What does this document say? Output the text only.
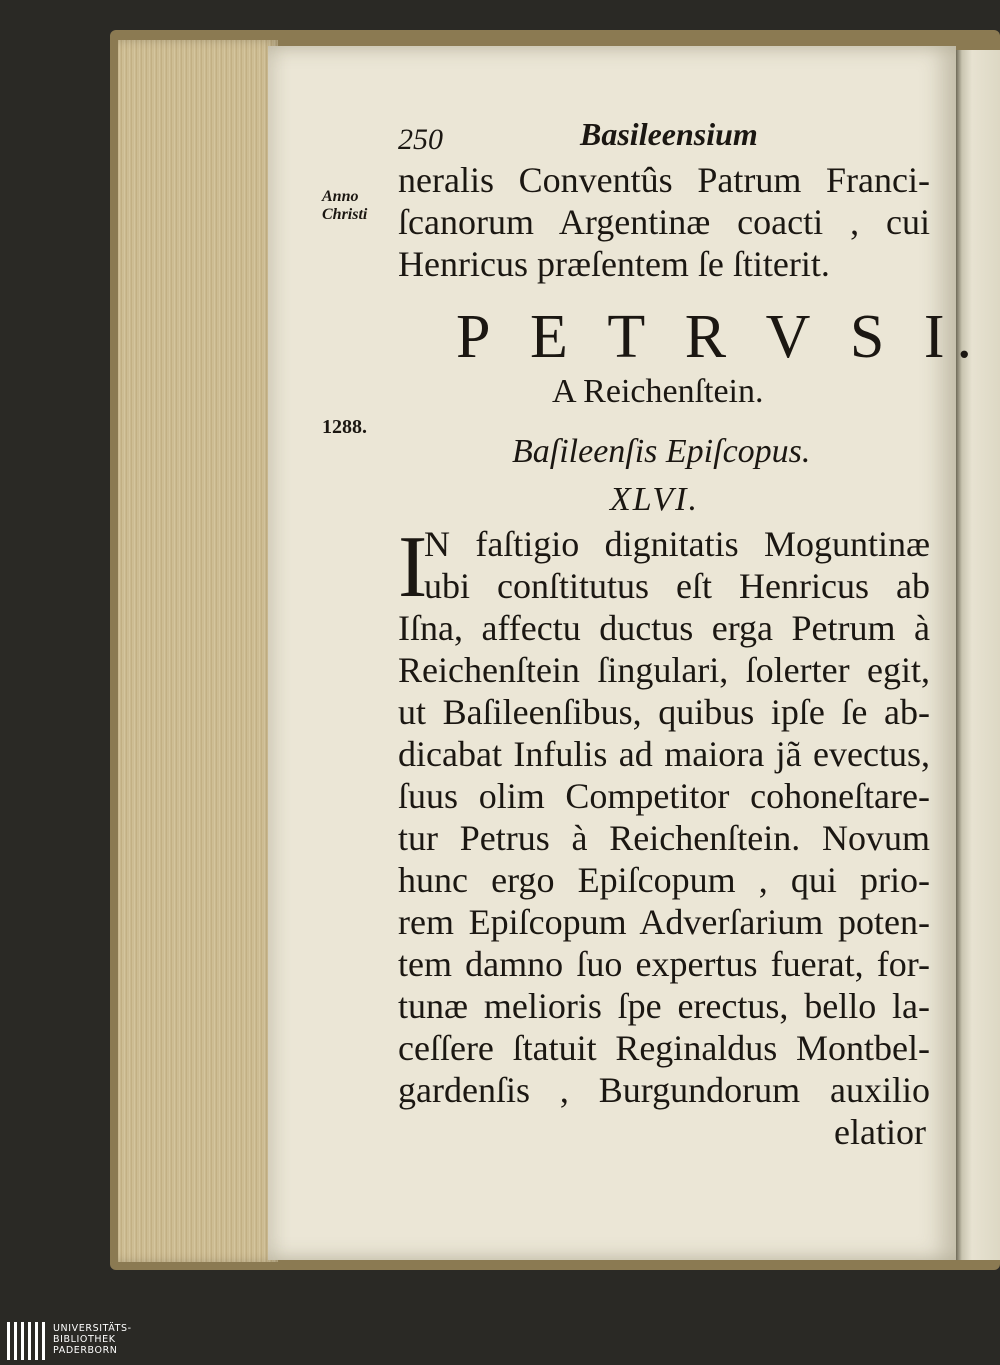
250	Basileensium
Anno
Christi
1288.
neralis Conventûs Patrum Franci-
ſcanorum Argentinæ coacti , cui
Henricus præſentem ſe ſtiterit.
P E T R V S I.
A Reichenſtein.
Baſileenſis Epiſcopus.
XLVI.
I
N faſtigio dignitatis Moguntinæ
ubi conſtitutus eſt Henricus ab
Iſna, affectu ductus erga Petrum à
Reichenſtein ſingulari, ſolerter egit,
ut Baſileenſibus, quibus ipſe ſe ab-
dicabat Infulis ad maiora jã evectus,
ſuus olim Competitor cohoneſtare-
tur Petrus à Reichenſtein. Novum
hunc ergo Epiſcopum , qui prio-
rem Epiſcopum Adverſarium poten-
tem damno ſuo expertus fuerat, for-
tunæ melioris ſpe erectus, bello la-
ceſſere ſtatuit Reginaldus Montbel-
gardenſis , Burgundorum auxilio
elatior
UNIVERSITÄTS-
BIBLIOTHEK
PADERBORN
